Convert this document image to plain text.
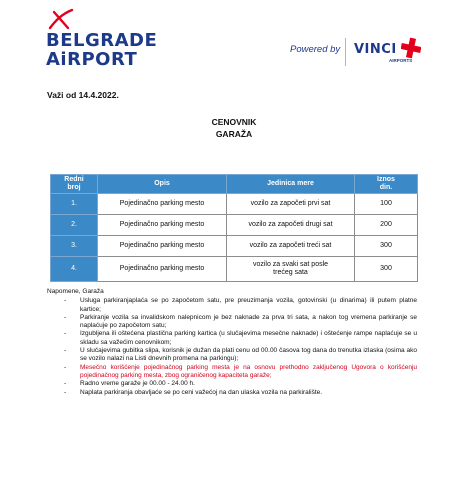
BELGRADE
AiRPORT	Powered by VINCI
AIRPORTS
Važi od 14.4.2022.
CENOVNIK
GARAŽA
Redni
broj	Opis	Jedinica mere	Iznos
din.
1.	Pojedinačno parking mesto	vozilo za započeti prvi sat	100
2.	Pojedinačno parking mesto	vozilo za započeti drugi sat	200
3.	Pojedinačno parking mesto	vozilo za započeti treći sat	300
4.	Pojedinačno parking mesto	vozilo za svaki sat posle
trećeg sata	300
Napomene, Garaža
- Usluga parkiranjaplaća se po započetom satu, pre preuzimanja vozila, gotovinski (u dinarima) ili putem platne kartice;
- Parkiranje vozila sa invalidskom nalepnicom je bez naknade za prva tri sata, a nakon tog vremena parkiranje se naplaćuje po započetom satu;
- Izgubljena ili oštećena plastična parking kartica (u slučajevima mesečne naknade) i oštećenje rampe naplaćuje se u skladu sa važećim cenovnikom;
- U slučajevima gubitka slipa, korisnik je dužan da plati cenu od 00.00 časova tog dana do trenutka izlaska (osima ako se vozilo nalazi na Listi dnevnih promena na parkingu);
- Mesečno korišćenje pojedinačnog parking mesta je na osnovu prethodno zaključenog Ugovora o korišćenju pojedinačnog parking mesta, zbog ograničenog kapaciteta garaže;
- Radno vreme garaže je 00.00 - 24.00 h.
- Naplata parkiranja obavljaće se po ceni važećoj na dan ulaska vozila na parkiralište.
